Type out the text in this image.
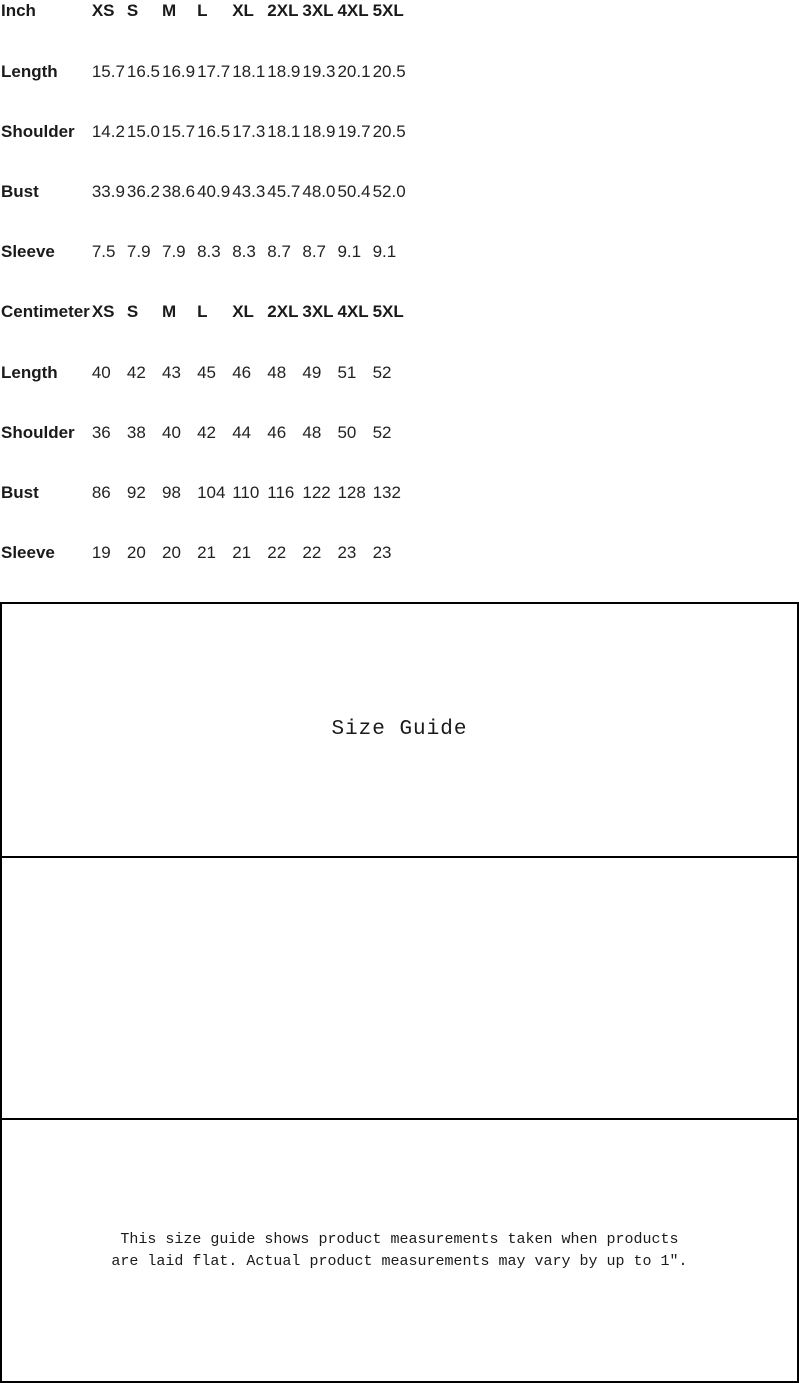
Inch	XS	S	M	L	XL	2XL	3XL	4XL	5XL
Length	15.7	16.5	16.9	17.7	18.1	18.9	19.3	20.1	20.5
Shoulder	14.2	15.0	15.7	16.5	17.3	18.1	18.9	19.7	20.5
Bust	33.9	36.2	38.6	40.9	43.3	45.7	48.0	50.4	52.0
Sleeve	7.5	7.9	7.9	8.3	8.3	8.7	8.7	9.1	9.1
Centimeter	XS	S	M	L	XL	2XL	3XL	4XL	5XL
Length	40	42	43	45	46	48	49	51	52
Shoulder	36	38	40	42	44	46	48	50	52
Bust	86	92	98	104	110	116	122	128	132
Sleeve	19	20	20	21	21	22	22	23	23
Size Guide

This size guide shows product measurements taken when products
are laid flat. Actual product measurements may vary by up to 1″.
